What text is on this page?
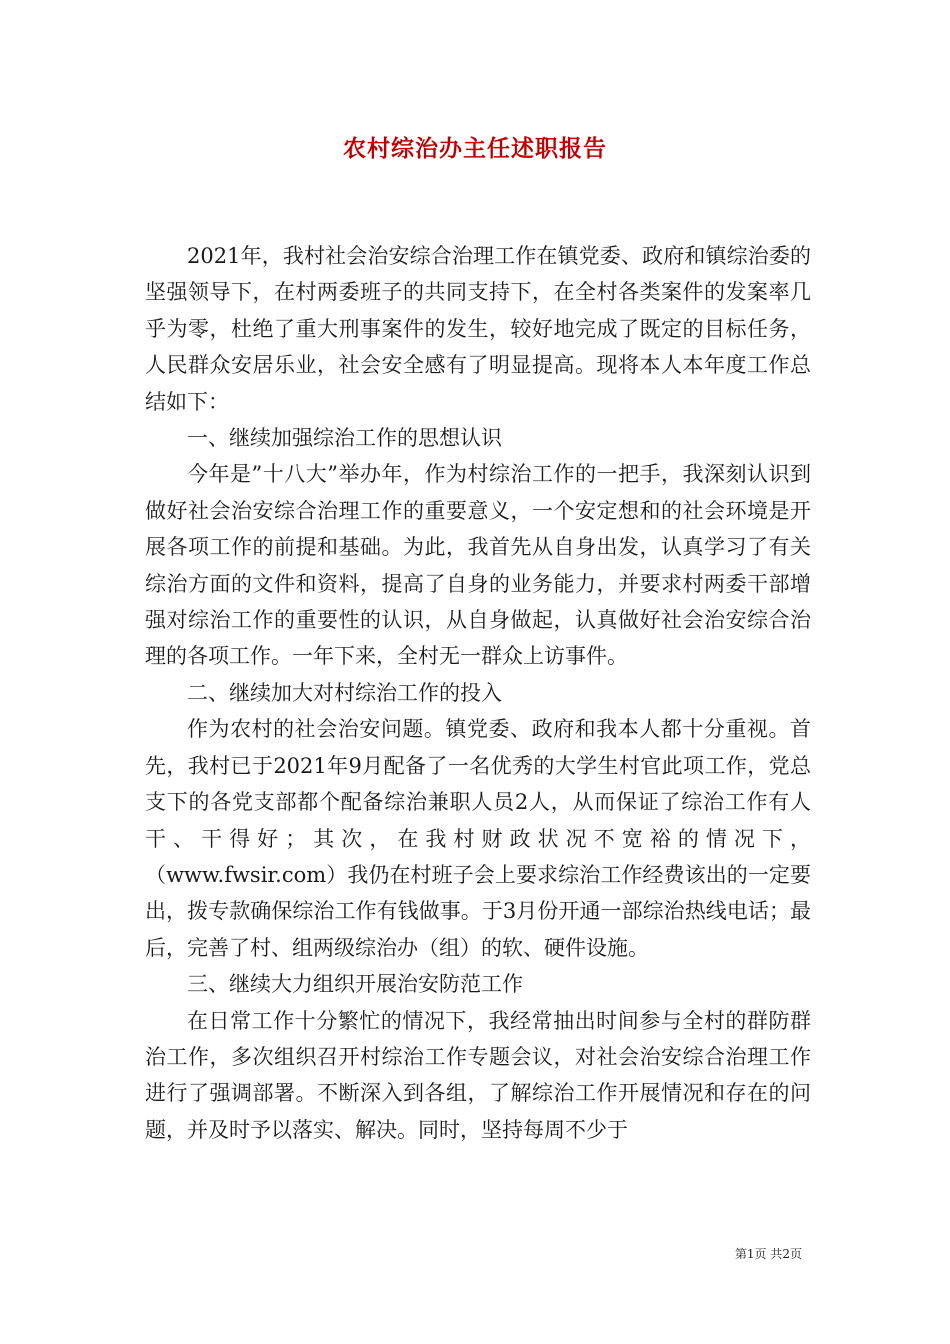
农村综治办主任述职报告

2021年，我村社会治安综合治理工作在镇党委、政府和镇综治委的坚强领导下，在村两委班子的共同支持下，在全村各类案件的发案率几乎为零，杜绝了重大刑事案件的发生，较好地完成了既定的目标任务，人民群众安居乐业，社会安全感有了明显提高。现将本人本年度工作总结如下：

一、继续加强综治工作的思想认识

今年是”十八大”举办年，作为村综治工作的一把手，我深刻认识到做好社会治安综合治理工作的重要意义，一个安定想和的社会环境是开展各项工作的前提和基础。为此，我首先从自身出发，认真学习了有关综治方面的文件和资料，提高了自身的业务能力，并要求村两委干部增强对综治工作的重要性的认识，从自身做起，认真做好社会治安综合治理的各项工作。一年下来，全村无一群众上访事件。

二、继续加大对村综治工作的投入

作为农村的社会治安问题。镇党委、政府和我本人都十分重视。首先，我村已于2021年9月配备了一名优秀的大学生村官此项工作，党总支下的各党支部都个配备综治兼职人员2人，从而保证了综治工作有人干、干得好；其次，在我村财政状况不宽裕的情况下，（www.fwsir.com）我仍在村班子会上要求综治工作经费该出的一定要出，拨专款确保综治工作有钱做事。于3月份开通一部综治热线电话；最后，完善了村、组两级综治办（组）的软、硬件设施。

三、继续大力组织开展治安防范工作

在日常工作十分繁忙的情况下，我经常抽出时间参与全村的群防群治工作，多次组织召开村综治工作专题会议，对社会治安综合治理工作进行了强调部署。不断深入到各组，了解综治工作开展情况和存在的问题，并及时予以落实、解决。同时，坚持每周不少于

第1页 共2页
